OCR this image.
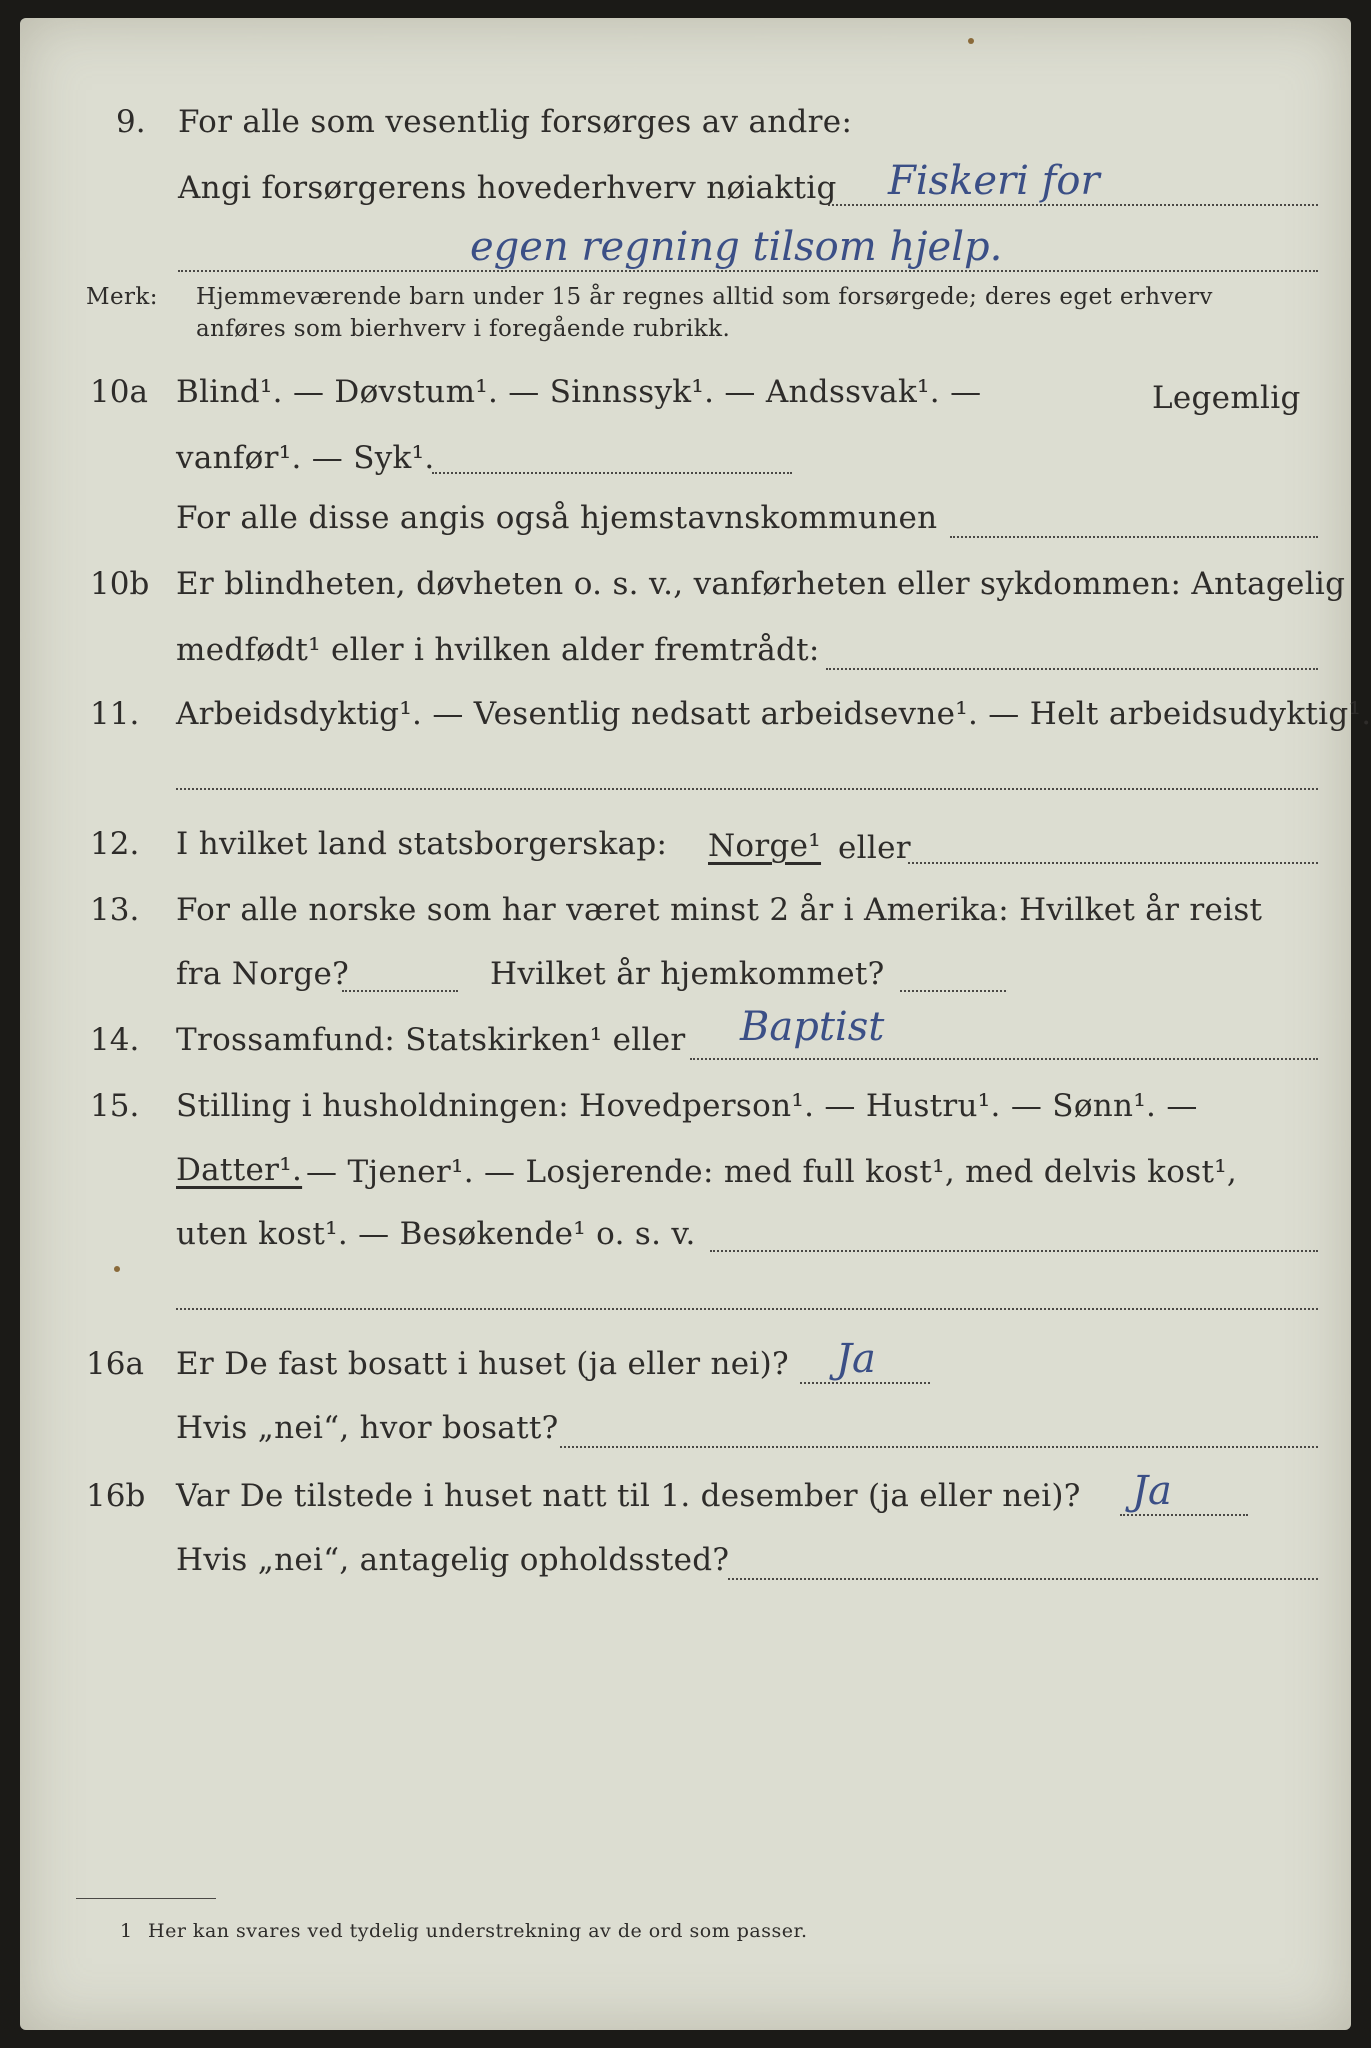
9. For alle som vesentlig forsørges av andre:
Angi forsørgerens hovederhverv nøiaktig Fiskeri for
egen regning tilsom hjelp.
Merk: Hjemmeværende barn under 15 år regnes alltid som forsørgede; deres eget erhverv
anføres som bierhverv i foregående rubrikk.
10a Blind¹. — Døvstum¹. — Sinnssyk¹. — Andssvak¹. —	Legemlig
vanfør¹. — Syk¹.
For alle disse angis også hjemstavnskommunen
10b Er blindheten, døvheten o. s. v., vanførheten eller sykdommen: Antagelig
medfødt¹ eller i hvilken alder fremtrådt:
11. Arbeidsdyktig¹. — Vesentlig nedsatt arbeidsevne¹. — Helt arbeidsudyktig¹.
12. I hvilket land statsborgerskap: Norge¹ eller
13. For alle norske som har været minst 2 år i Amerika: Hvilket år reist
fra Norge?	Hvilket år hjemkommet?
14. Trossamfund: Statskirken¹ eller Baptist
15. Stilling i husholdningen: Hovedperson¹. — Hustru¹. — Sønn¹. —
Datter¹. — Tjener¹. — Losjerende: med full kost¹, med delvis kost¹,
uten kost¹. — Besøkende¹ o. s. v.
16a Er De fast bosatt i huset (ja eller nei)? Ja
Hvis „nei“, hvor bosatt?
16b Var De tilstede i huset natt til 1. desember (ja eller nei)? Ja
Hvis „nei“, antagelig opholdssted?
1 Her kan svares ved tydelig understrekning av de ord som passer.
